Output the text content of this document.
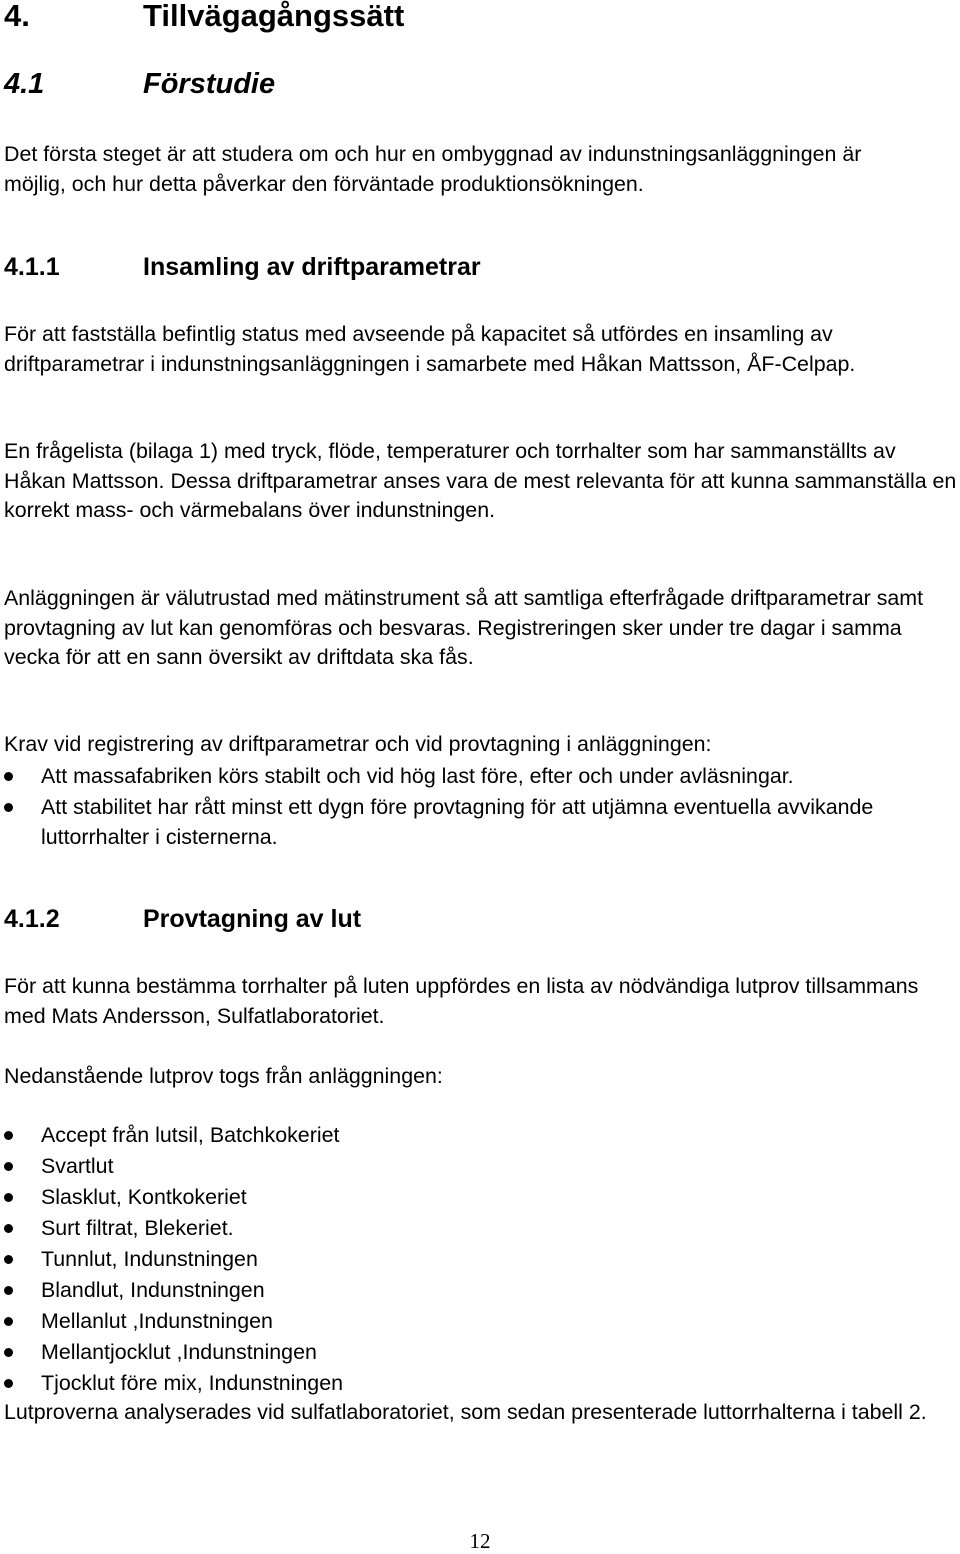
4.	Tillvägagångssätt
4.1	Förstudie

Det första steget är att studera om och hur en ombyggnad av indunstningsanläggningen är möjlig, och hur detta påverkar den förväntade produktionsökningen.

4.1.1	Insamling av driftparametrar

För att fastställa befintlig status med avseende på kapacitet så utfördes en insamling av driftparametrar i indunstningsanläggningen i samarbete med Håkan Mattsson, ÅF-Celpap.

En frågelista (bilaga 1) med tryck, flöde, temperaturer och torrhalter som har sammanställts av Håkan Mattsson. Dessa driftparametrar anses vara de mest relevanta för att kunna sammanställa en korrekt mass- och värmebalans över indunstningen.

Anläggningen är välutrustad med mätinstrument så att samtliga efterfrågade driftparametrar samt provtagning av lut kan genomföras och besvaras. Registreringen sker under tre dagar i samma vecka för att en sann översikt av driftdata ska fås.

Krav vid registrering av driftparametrar och vid provtagning i anläggningen:

Att massafabriken körs stabilt och vid hög last före, efter och under avläsningar.
Att stabilitet har rått minst ett dygn före provtagning för att utjämna eventuella avvikande luttorrhalter i cisternerna.
4.1.2	Provtagning av lut

För att kunna bestämma torrhalter på luten uppfördes en lista av nödvändiga lutprov tillsammans med Mats Andersson, Sulfatlaboratoriet.

Nedanstående lutprov togs från anläggningen:

Accept från lutsil, Batchkokeriet
Svartlut
Slasklut, Kontkokeriet
Surt filtrat, Blekeriet.
Tunnlut, Indunstningen
Blandlut, Indunstningen
Mellanlut ,Indunstningen
Mellantjocklut ,Indunstningen
Tjocklut före mix, Indunstningen

Lutproverna analyserades vid sulfatlaboratoriet, som sedan presenterade luttorrhalterna i tabell 2.

12
